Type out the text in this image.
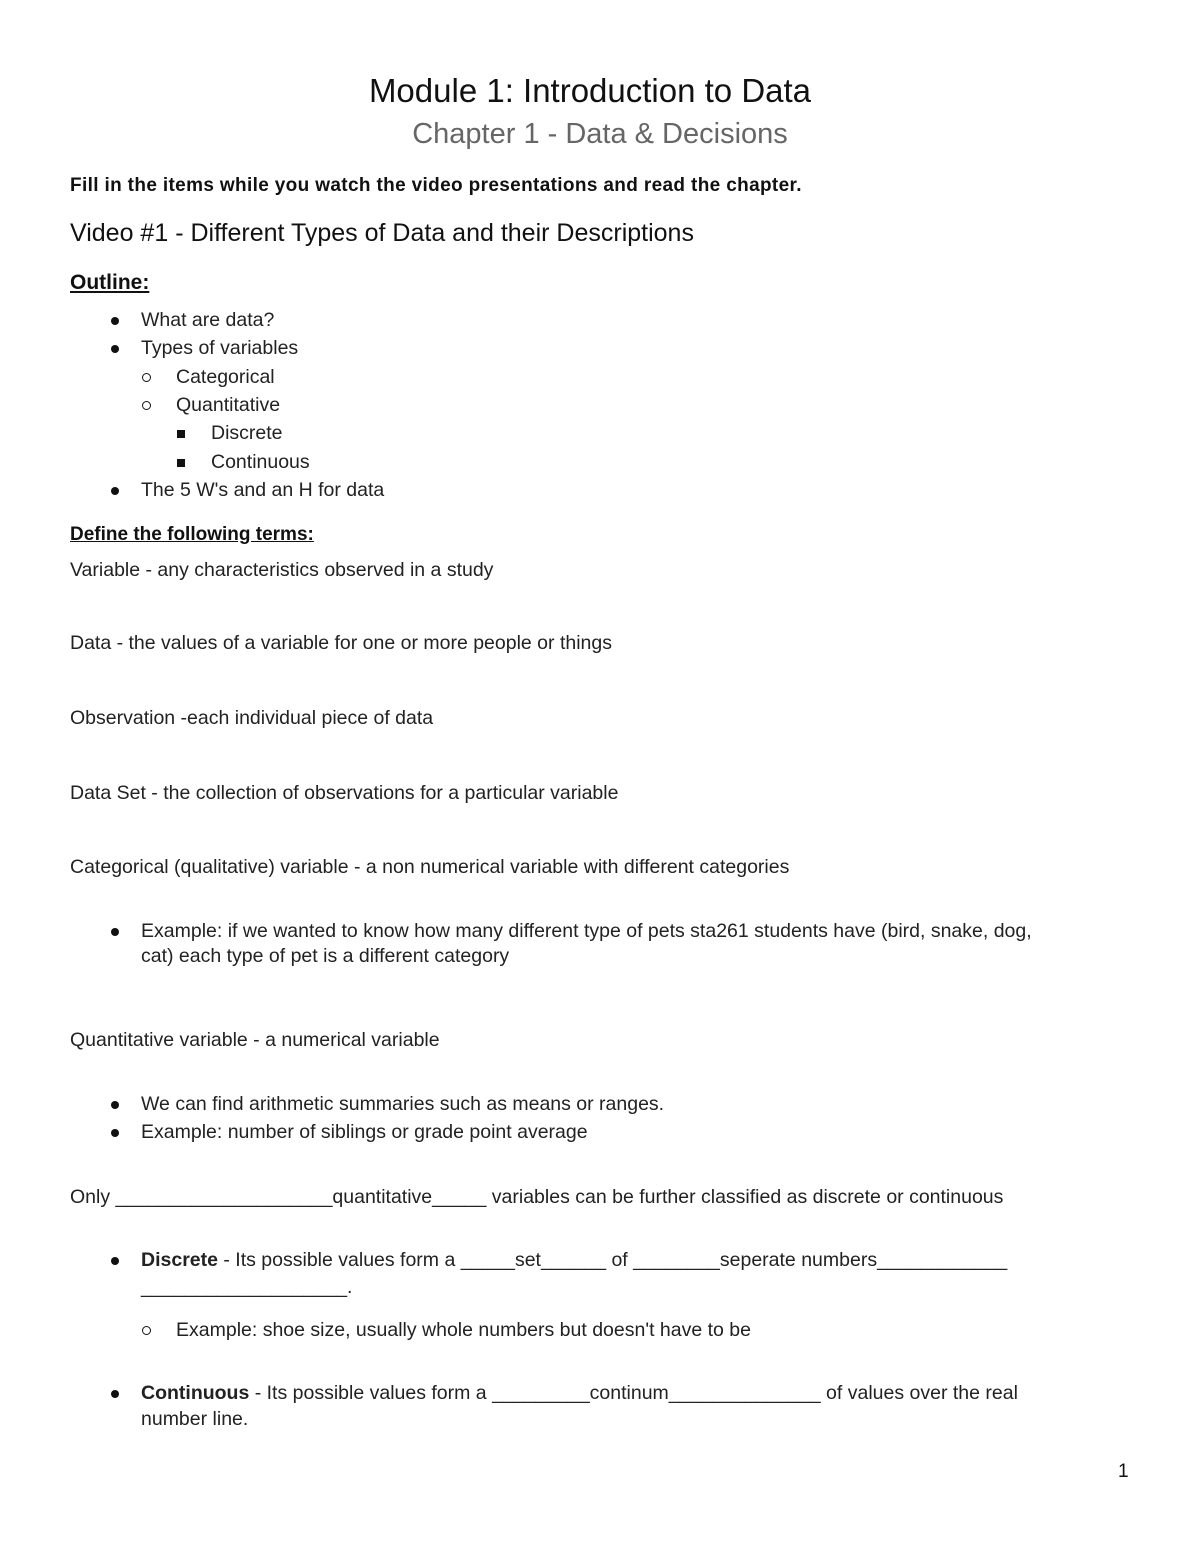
Module 1: Introduction to Data
Chapter 1 - Data & Decisions

Fill in the items while you watch the video presentations and read the chapter.

Video #1 - Different Types of Data and their Descriptions

Outline:

What are data?

Types of variables

Categorical

Quantitative

Discrete

Continuous

The 5 W's and an H for data

Define the following terms:

Variable - any characteristics observed in a study

Data - the values of a variable for one or more people or things

Observation -each individual piece of data

Data Set - the collection of observations for a particular variable

Categorical (qualitative) variable - a non numerical variable with different categories

Example: if we wanted to know how many different type of pets sta261 students have (bird, snake, dog,

cat) each type of pet is a different category

Quantitative variable - a numerical variable

We can find arithmetic summaries such as means or ranges.

Example: number of siblings or grade point average

Only ____________________quantitative_____ variables can be further classified as discrete or continuous

Discrete - Its possible values form a _____set______ of ________seperate numbers____________

___________________.

Example: shoe size, usually whole numbers but doesn't have to be

Continuous - Its possible values form a _________continum______________ of values over the real

number line.

1
